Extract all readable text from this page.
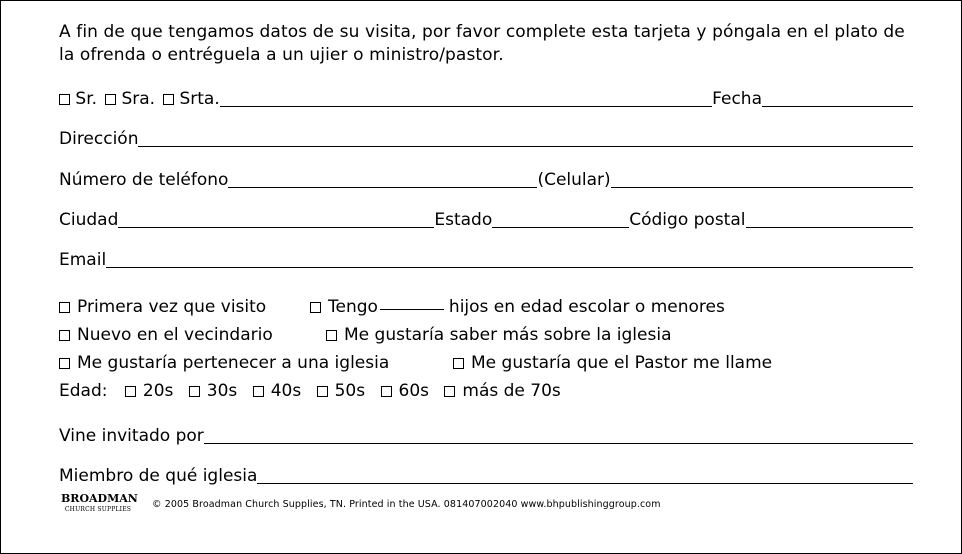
A fin de que tengamos datos de su visita, por favor complete esta tarjeta y póngala en el plato de la ofrenda o entréguela a un ujier o ministro/pastor.
Sr.	Sra.	Srta.	Fecha
Dirección
Número de teléfono	(Celular)
Ciudad	Estado	Código postal
Email
Primera vez que visito	Tengo	hijos en edad escolar o menores
Nuevo en el vecindario	Me gustaría saber más sobre la iglesia
Me gustaría pertenecer a una iglesia	Me gustaría que el Pastor me llame
Edad: 20s 30s 40s 50s 60s más de 70s
Vine invitado por
Miembro de qué iglesia
BROADMAN
CHURCH SUPPLIES	© 2005 Broadman Church Supplies, TN. Printed in the USA. 081407002040 www.bhpublishinggroup.com
